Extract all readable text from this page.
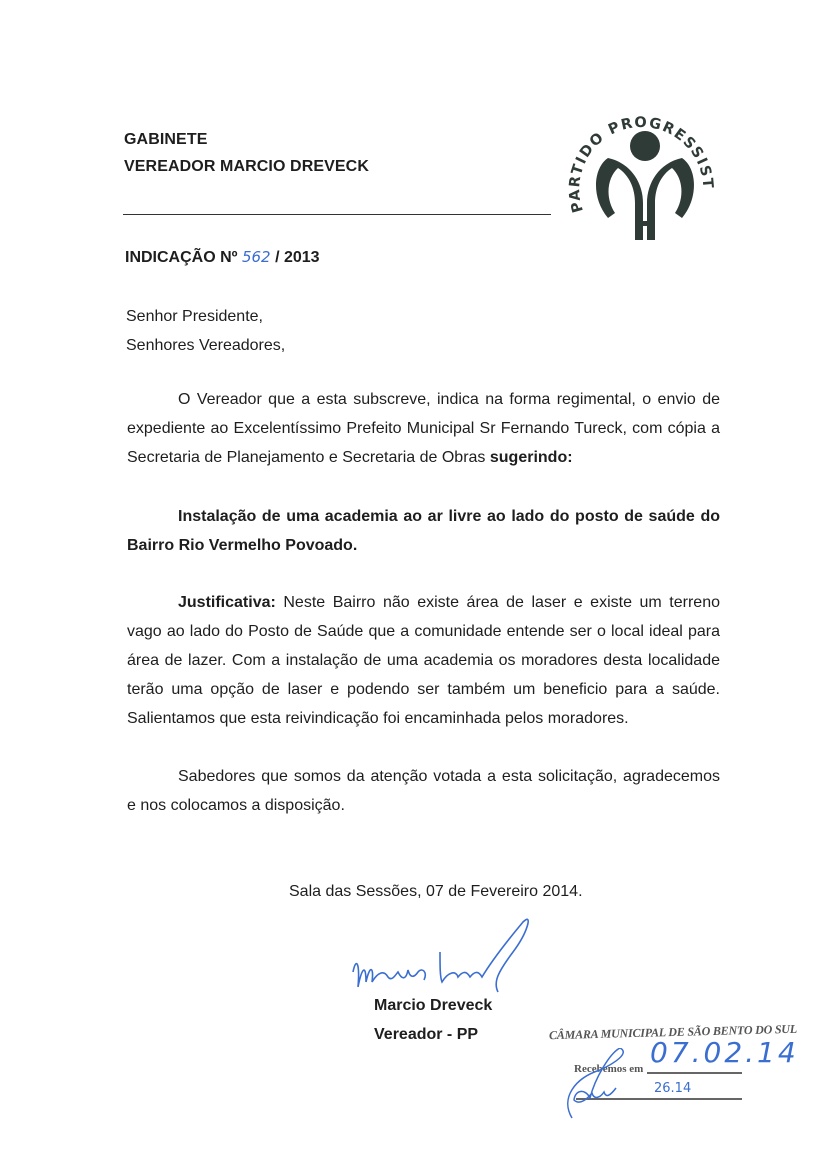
GABINETE
VEREADOR MARCIO DREVECK
PARTIDO PROGRESSIST
INDICAÇÃO Nº 562 / 2013
Senhor Presidente,
Senhores Vereadores,
O Vereador que a esta subscreve, indica na forma regimental, o envio de expediente ao Excelentíssimo Prefeito Municipal Sr Fernando Tureck, com cópia a Secretaria de Planejamento e Secretaria de Obras sugerindo:
Instalação de uma academia ao ar livre ao lado do posto de saúde do Bairro Rio Vermelho Povoado.
Justificativa: Neste Bairro não existe área de laser e existe um terreno vago ao lado do Posto de Saúde que a comunidade entende ser o local ideal para área de lazer. Com a instalação de uma academia os moradores desta localidade terão uma opção de laser e podendo ser também um beneficio para a saúde. Salientamos que esta reivindicação foi encaminhada pelos moradores.
Sabedores que somos da atenção votada a esta solicitação, agradecemos e nos colocamos a disposição.
Sala das Sessões, 07 de Fevereiro 2014.
Marcio Dreveck
Vereador - PP	CÂMARA MUNICIPAL DE SÃO BENTO DO SUL
Recebemos em 07.02.14
26.14
